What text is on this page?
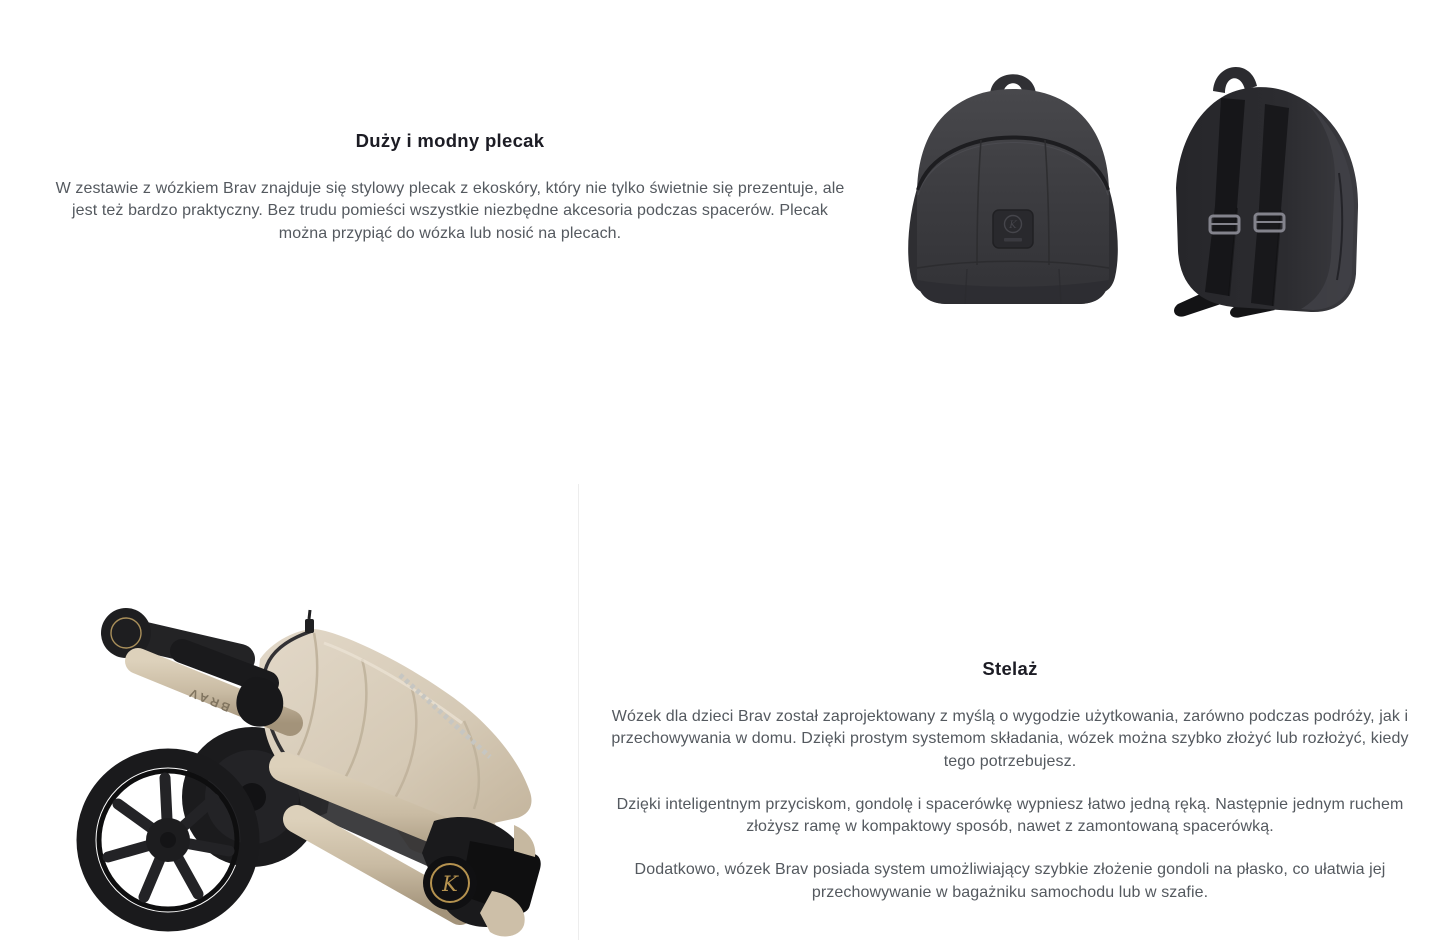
Duży i modny plecak

W zestawie z wózkiem Brav znajduje się stylowy plecak z ekoskóry, który nie tylko świetnie się prezentuje, ale jest też bardzo praktyczny. Bez trudu pomieści wszystkie niezbędne akcesoria podczas spacerów. Plecak można przypiąć do wózka lub nosić na plecach.	K
BRAV
K
Stelaż

Wózek dla dzieci Brav został zaprojektowany z myślą o wygodzie użytkowania, zarówno podczas podróży, jak i przechowywania w domu. Dzięki prostym systemom składania, wózek można szybko złożyć lub rozłożyć, kiedy tego potrzebujesz.

Dzięki inteligentnym przyciskom, gondolę i spacerówkę wypniesz łatwo jedną ręką. Następnie jednym ruchem złożysz ramę w kompaktowy sposób, nawet z zamontowaną spacerówką.

Dodatkowo, wózek Brav posiada system umożliwiający szybkie złożenie gondoli na płasko, co ułatwia jej przechowywanie w bagażniku samochodu lub w szafie.
